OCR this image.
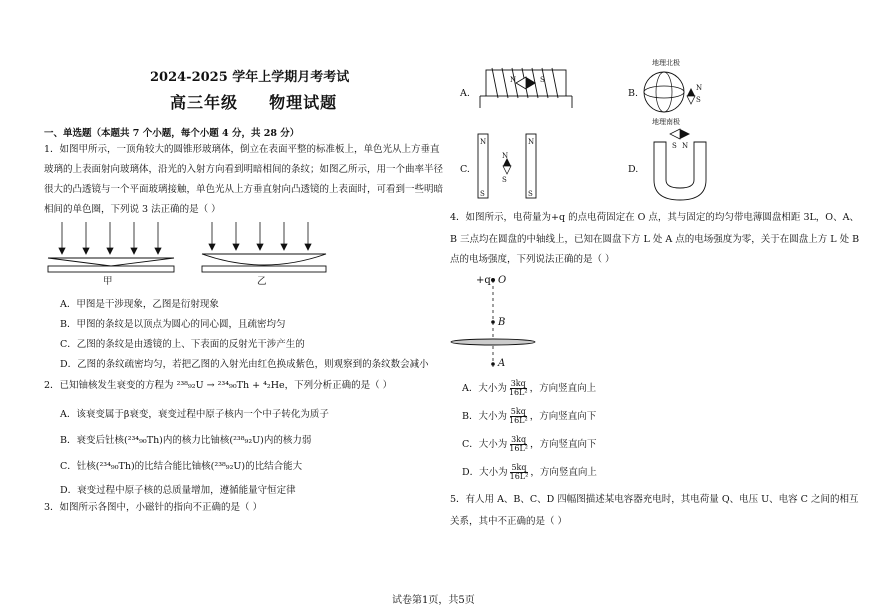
2024-2025 学年上学期月考考试
高三年级 物理试题
一、单选题（本题共 7 个小题，每个小题 4 分，共 28 分）
1．如图甲所示，一顶角较大的圆锥形玻璃体，倒立在表面平整的标准板上，单色光从上方垂直
玻璃的上表面射向玻璃体，沿光的入射方向看到明暗相间的条纹；如图乙所示，用一个曲率半径
很大的凸透镜与一个平面玻璃接触，单色光从上方垂直射向凸透镜的上表面时，可看到一些明暗
相间的单色圈，下列说 3 法正确的是（ ）
甲	乙
A．甲图是干涉现象，乙图是衍射现象
B．甲图的条纹是以顶点为圆心的同心圆，且疏密均匀
C．乙图的条纹是由透镜的上、下表面的反射光干涉产生的
D．乙图的条纹疏密均匀，若把乙图的入射光由红色换成紫色，则观察到的条纹数会减小
2．已知铀核发生衰变的方程为 ²³⁸₉₂U → ²³⁴₉₀Th + ⁴₂He，下列分析正确的是（ ）
A．该衰变属于β衰变，衰变过程中原子核内一个中子转化为质子
B．衰变后钍核(²³⁴₉₀Th)内的核力比铀核(²³⁸₉₂U)内的核力弱
C．钍核(²³⁴₉₀Th)的比结合能比铀核(²³⁸₉₂U)的比结合能大
D．衰变过程中原子核的总质量增加，遵循能量守恒定律
3．如图所示各图中，小磁针的指向不正确的是（ ）
A.
N	S
B.
地理北极
N
S
地理南极
C.
N
S
N
S
N
S
D.
S N
4．如图所示，电荷量为+q 的点电荷固定在 O 点，其与固定的均匀带电薄圆盘相距 3L，O、A、
B 三点均在圆盘的中轴线上，已知在圆盘下方 L 处 A 点的电场强度为零，关于在圆盘上方 L 处 B
点的电场强度，下列说法正确的是（ ）
+q O
B
A
A．大小为 $\frac{3kq}{\text{16L²}}$ ，方向竖直向上
B．大小为 $\frac{5kq}{\text{16L²}}$ ，方向竖直向下
C．大小为 $\frac{3kq}{\text{16L²}}$ ，方向竖直向下
D．大小为 $\frac{5kq}{\text{16L²}}$ ，方向竖直向上
5．有人用 A、B、C、D 四幅图描述某电容器充电时，其电荷量 Q、电压 U、电容 C 之间的相互
关系，其中不正确的是（ ）
试卷第1页，共5页
